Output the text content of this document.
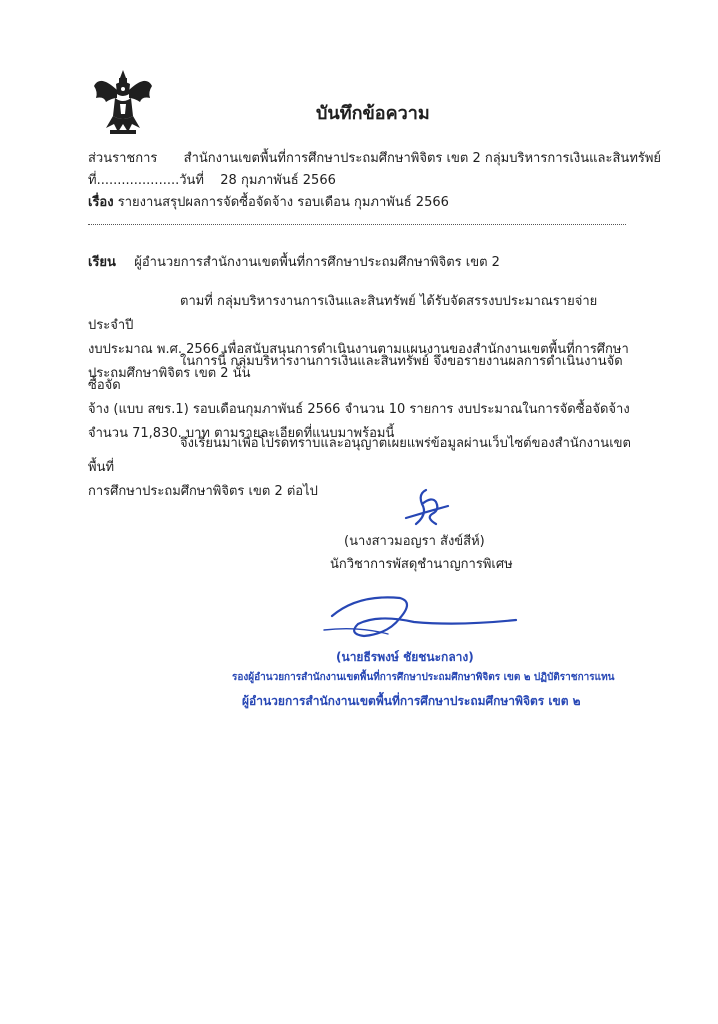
บันทึกข้อความ
ส่วนราชการ สำนักงานเขตพื้นที่การศึกษาประถมศึกษาพิจิตร เขต 2 กลุ่มบริหารการเงินและสินทรัพย์
ที่....................วันที่ 28 กุมภาพันธ์ 2566
เรื่อง รายงานสรุปผลการจัดซื้อจัดจ้าง รอบเดือน กุมภาพันธ์ 2566
เรียน ผู้อำนวยการสำนักงานเขตพื้นที่การศึกษาประถมศึกษาพิจิตร เขต 2
ตามที่ กลุ่มบริหารงานการเงินและสินทรัพย์ ได้รับจัดสรรงบประมาณรายจ่าย ประจำปี
งบประมาณ พ.ศ. 2566 เพื่อสนับสนุนการดำเนินงานตามแผนงานของสำนักงานเขตพื้นที่การศึกษา
ประถมศึกษาพิจิตร เขต 2 นั้น
ในการนี้ กลุ่มบริหารงานการเงินและสินทรัพย์ จึงขอรายงานผลการดำเนินงานจัดซื้อจัด
จ้าง (แบบ สขร.1) รอบเดือนกุมภาพันธ์ 2566 จำนวน 10 รายการ งบประมาณในการจัดซื้อจัดจ้าง
จำนวน 71,830. บาท ตามรายละเอียดที่แนบมาพร้อมนี้
จึงเรียนมาเพื่อโปรดทราบและอนุญาตเผยแพร่ข้อมูลผ่านเว็บไซต์ของสำนักงานเขตพื้นที่
การศึกษาประถมศึกษาพิจิตร เขต 2 ต่อไป
(นางสาวมอญรา สังข์สีห์)
นักวิชาการพัสดุชำนาญการพิเศษ
(นายธีรพงษ์ ชัยชนะกลาง)
รองผู้อำนวยการสำนักงานเขตพื้นที่การศึกษาประถมศึกษาพิจิตร เขต ๒ ปฏิบัติราชการแทน
ผู้อำนวยการสำนักงานเขตพื้นที่การศึกษาประถมศึกษาพิจิตร เขต ๒
